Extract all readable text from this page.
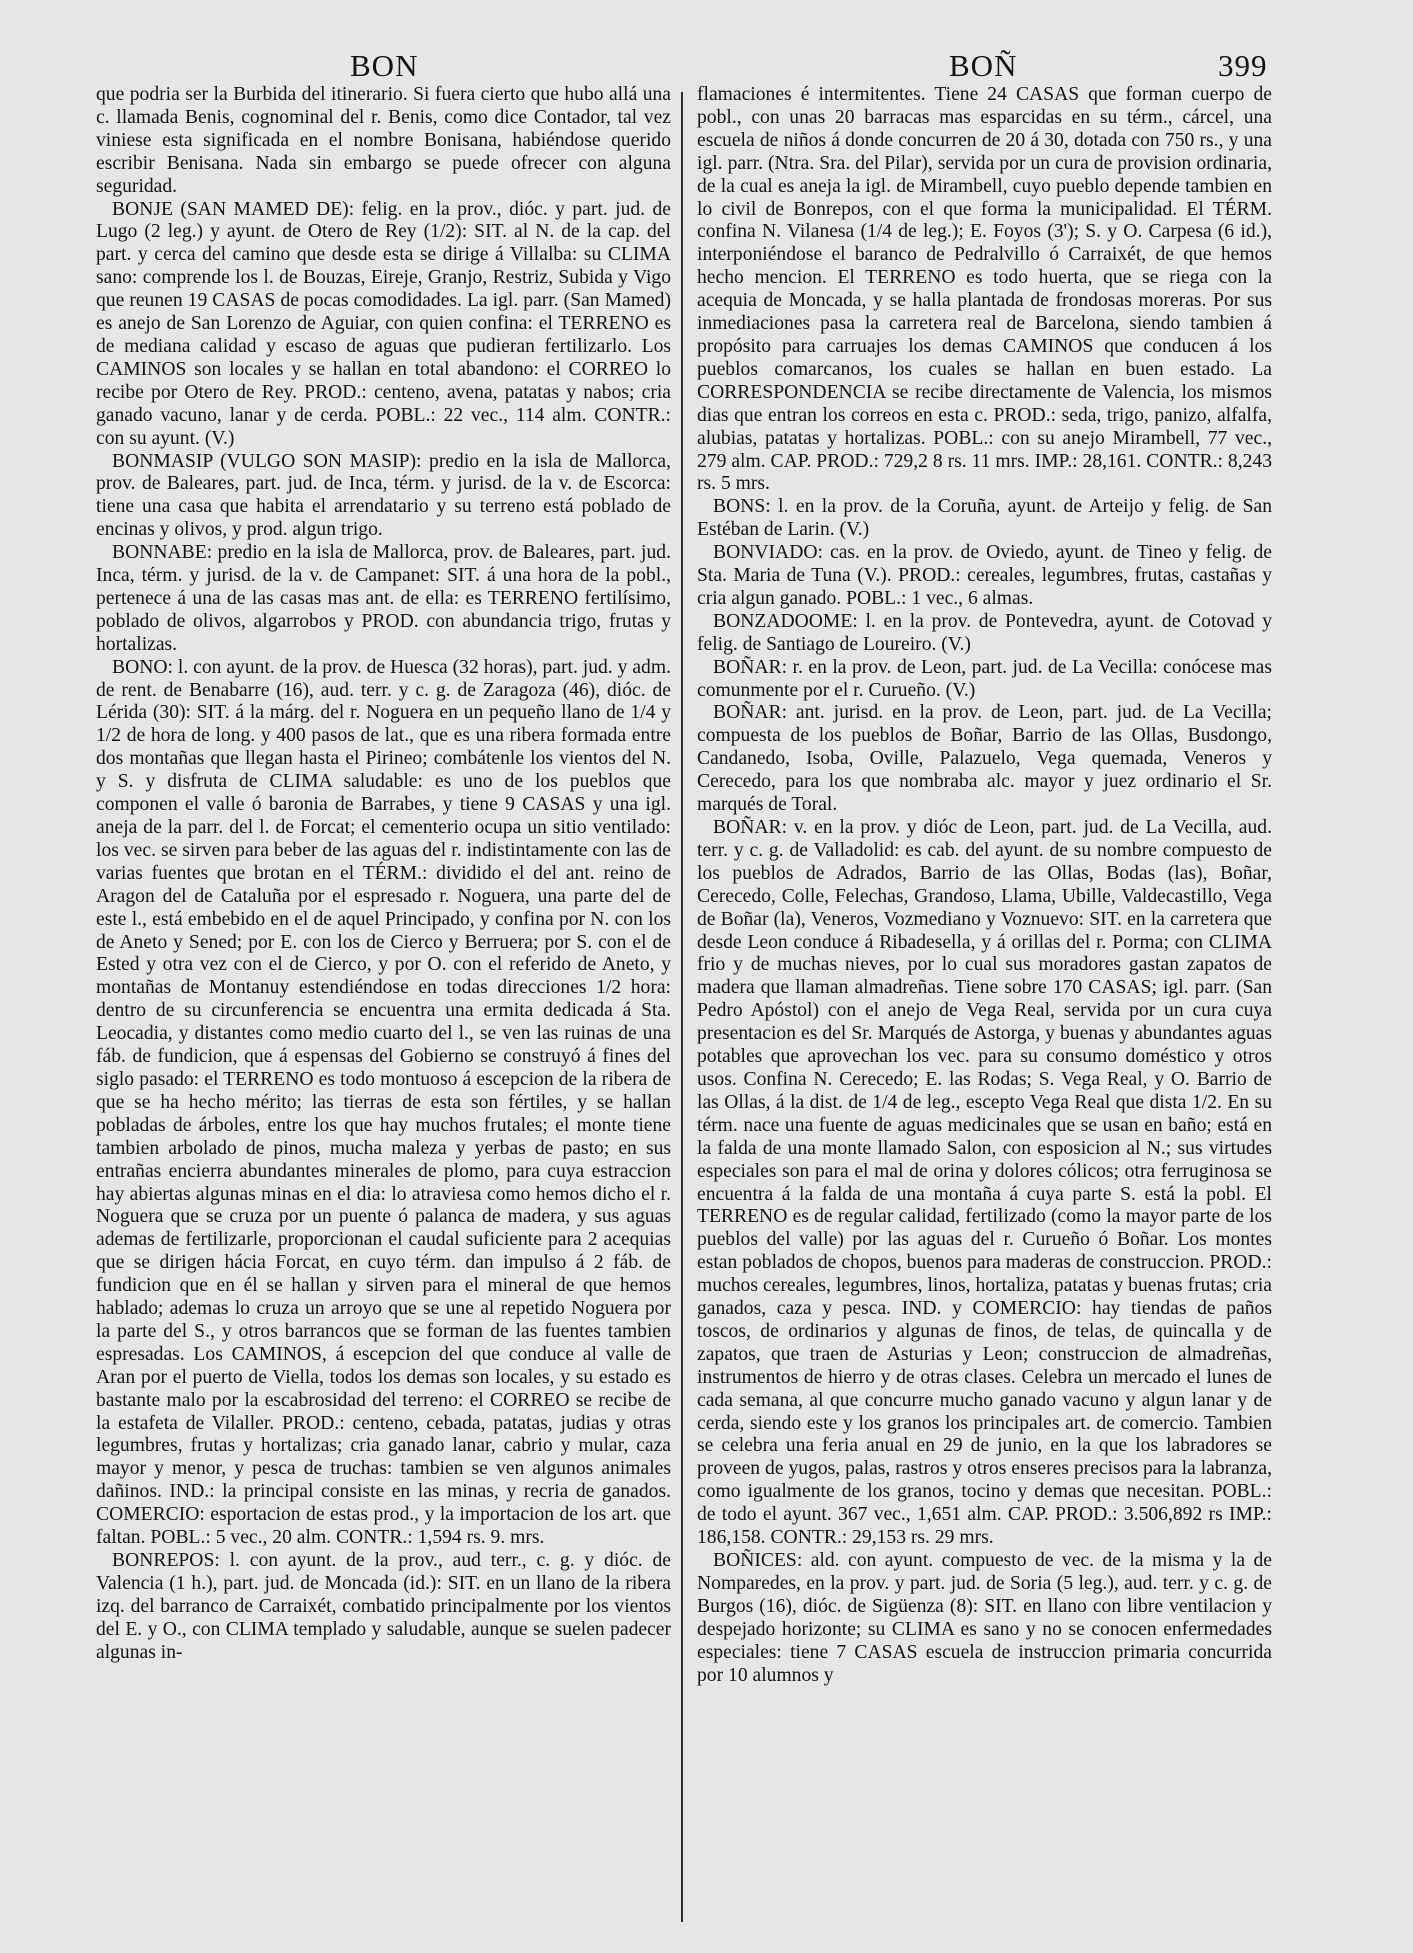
BON	BOÑ	399

que podria ser la Burbida del itinerario. Si fuera cierto que hubo allá una c. llamada Benis, cognominal del r. Benis, como dice Contador, tal vez viniese esta significada en el nombre Bonisana, habiéndose querido escribir Benisana. Nada sin embargo se puede ofrecer con alguna seguridad.

BONJE (SAN MAMED DE): felig. en la prov., dióc. y part. jud. de Lugo (2 leg.) y ayunt. de Otero de Rey (1/2): SIT. al N. de la cap. del part. y cerca del camino que desde esta se dirige á Villalba: su CLIMA sano: comprende los l. de Bouzas, Eireje, Granjo, Restriz, Subida y Vigo que reunen 19 CASAS de pocas comodidades. La igl. parr. (San Mamed) es anejo de San Lorenzo de Aguiar, con quien confina: el TERRENO es de mediana calidad y escaso de aguas que pudieran fertilizarlo. Los CAMINOS son locales y se hallan en total abandono: el CORREO lo recibe por Otero de Rey. PROD.: centeno, avena, patatas y nabos; cria ganado vacuno, lanar y de cerda. POBL.: 22 vec., 114 alm. CONTR.: con su ayunt. (V.)

BONMASIP (VULGO SON MASIP): predio en la isla de Mallorca, prov. de Baleares, part. jud. de Inca, térm. y jurisd. de la v. de Escorca: tiene una casa que habita el arrendatario y su terreno está poblado de encinas y olivos, y prod. algun trigo.

BONNABE: predio en la isla de Mallorca, prov. de Baleares, part. jud. Inca, térm. y jurisd. de la v. de Campanet: SIT. á una hora de la pobl., pertenece á una de las casas mas ant. de ella: es TERRENO fertilísimo, poblado de olivos, algarrobos y PROD. con abundancia trigo, frutas y hortalizas.

BONO: l. con ayunt. de la prov. de Huesca (32 horas), part. jud. y adm. de rent. de Benabarre (16), aud. terr. y c. g. de Zaragoza (46), dióc. de Lérida (30): SIT. á la márg. del r. Noguera en un pequeño llano de 1/4 y 1/2 de hora de long. y 400 pasos de lat., que es una ribera formada entre dos montañas que llegan hasta el Pirineo; combátenle los vientos del N. y S. y disfruta de CLIMA saludable: es uno de los pueblos que componen el valle ó baronia de Barrabes, y tiene 9 CASAS y una igl. aneja de la parr. del l. de Forcat; el cementerio ocupa un sitio ventilado: los vec. se sirven para beber de las aguas del r. indistintamente con las de varias fuentes que brotan en el TÉRM.: dividido el del ant. reino de Aragon del de Cataluña por el espresado r. Noguera, una parte del de este l., está embebido en el de aquel Principado, y confina por N. con los de Aneto y Sened; por E. con los de Cierco y Berruera; por S. con el de Ested y otra vez con el de Cierco, y por O. con el referido de Aneto, y montañas de Montanuy estendiéndose en todas direcciones 1/2 hora: dentro de su circunferencia se encuentra una ermita dedicada á Sta. Leocadia, y distantes como medio cuarto del l., se ven las ruinas de una fáb. de fundicion, que á espensas del Gobierno se construyó á fines del siglo pasado: el TERRENO es todo montuoso á escepcion de la ribera de que se ha hecho mérito; las tierras de esta son fértiles, y se hallan pobladas de árboles, entre los que hay muchos frutales; el monte tiene tambien arbolado de pinos, mucha maleza y yerbas de pasto; en sus entrañas encierra abundantes minerales de plomo, para cuya estraccion hay abiertas algunas minas en el dia: lo atraviesa como hemos dicho el r. Noguera que se cruza por un puente ó palanca de madera, y sus aguas ademas de fertilizarle, proporcionan el caudal suficiente para 2 acequias que se dirigen hácia Forcat, en cuyo térm. dan impulso á 2 fáb. de fundicion que en él se hallan y sirven para el mineral de que hemos hablado; ademas lo cruza un arroyo que se une al repetido Noguera por la parte del S., y otros barrancos que se forman de las fuentes tambien espresadas. Los CAMINOS, á escepcion del que conduce al valle de Aran por el puerto de Viella, todos los demas son locales, y su estado es bastante malo por la escabrosidad del terreno: el CORREO se recibe de la estafeta de Vilaller. PROD.: centeno, cebada, patatas, judias y otras legumbres, frutas y hortalizas; cria ganado lanar, cabrio y mular, caza mayor y menor, y pesca de truchas: tambien se ven algunos animales dañinos. IND.: la principal consiste en las minas, y recria de ganados. COMERCIO: esportacion de estas prod., y la importacion de los art. que faltan. POBL.: 5 vec., 20 alm. CONTR.: 1,594 rs. 9. mrs.

BONREPOS: l. con ayunt. de la prov., aud terr., c. g. y dióc. de Valencia (1 h.), part. jud. de Moncada (id.): SIT. en un llano de la ribera izq. del barranco de Carraixét, combatido principalmente por los vientos del E. y O., con CLIMA templado y saludable, aunque se suelen padecer algunas in-

flamaciones é intermitentes. Tiene 24 CASAS que forman cuerpo de pobl., con unas 20 barracas mas esparcidas en su térm., cárcel, una escuela de niños á donde concurren de 20 á 30, dotada con 750 rs., y una igl. parr. (Ntra. Sra. del Pilar), servida por un cura de provision ordinaria, de la cual es aneja la igl. de Mirambell, cuyo pueblo depende tambien en lo civil de Bonrepos, con el que forma la municipalidad. El TÉRM. confina N. Vilanesa (1/4 de leg.); E. Foyos (3'); S. y O. Carpesa (6 id.), interponiéndose el baranco de Pedralvillo ó Carraixét, de que hemos hecho mencion. El TERRENO es todo huerta, que se riega con la acequia de Moncada, y se halla plantada de frondosas moreras. Por sus inmediaciones pasa la carretera real de Barcelona, siendo tambien á propósito para carruajes los demas CAMINOS que conducen á los pueblos comarcanos, los cuales se hallan en buen estado. La CORRESPONDENCIA se recibe directamente de Valencia, los mismos dias que entran los correos en esta c. PROD.: seda, trigo, panizo, alfalfa, alubias, patatas y hortalizas. POBL.: con su anejo Mirambell, 77 vec., 279 alm. CAP. PROD.: 729,2 8 rs. 11 mrs. IMP.: 28,161. CONTR.: 8,243 rs. 5 mrs.

BONS: l. en la prov. de la Coruña, ayunt. de Arteijo y felig. de San Estéban de Larin. (V.)

BONVIADO: cas. en la prov. de Oviedo, ayunt. de Tineo y felig. de Sta. Maria de Tuna (V.). PROD.: cereales, legumbres, frutas, castañas y cria algun ganado. POBL.: 1 vec., 6 almas.

BONZADOOME: l. en la prov. de Pontevedra, ayunt. de Cotovad y felig. de Santiago de Loureiro. (V.)

BOÑAR: r. en la prov. de Leon, part. jud. de La Vecilla: conócese mas comunmente por el r. Curueño. (V.)

BOÑAR: ant. jurisd. en la prov. de Leon, part. jud. de La Vecilla; compuesta de los pueblos de Boñar, Barrio de las Ollas, Busdongo, Candanedo, Isoba, Oville, Palazuelo, Vega quemada, Veneros y Cerecedo, para los que nombraba alc. mayor y juez ordinario el Sr. marqués de Toral.

BOÑAR: v. en la prov. y dióc de Leon, part. jud. de La Vecilla, aud. terr. y c. g. de Valladolid: es cab. del ayunt. de su nombre compuesto de los pueblos de Adrados, Barrio de las Ollas, Bodas (las), Boñar, Cerecedo, Colle, Felechas, Grandoso, Llama, Ubille, Valdecastillo, Vega de Boñar (la), Veneros, Vozmediano y Voznuevo: SIT. en la carretera que desde Leon conduce á Ribadesella, y á orillas del r. Porma; con CLIMA frio y de muchas nieves, por lo cual sus moradores gastan zapatos de madera que llaman almadreñas. Tiene sobre 170 CASAS; igl. parr. (San Pedro Apóstol) con el anejo de Vega Real, servida por un cura cuya presentacion es del Sr. Marqués de Astorga, y buenas y abundantes aguas potables que aprovechan los vec. para su consumo doméstico y otros usos. Confina N. Cerecedo; E. las Rodas; S. Vega Real, y O. Barrio de las Ollas, á la dist. de 1/4 de leg., escepto Vega Real que dista 1/2. En su térm. nace una fuente de aguas medicinales que se usan en baño; está en la falda de una monte llamado Salon, con esposicion al N.; sus virtudes especiales son para el mal de orina y dolores cólicos; otra ferruginosa se encuentra á la falda de una montaña á cuya parte S. está la pobl. El TERRENO es de regular calidad, fertilizado (como la mayor parte de los pueblos del valle) por las aguas del r. Curueño ó Boñar. Los montes estan poblados de chopos, buenos para maderas de construccion. PROD.: muchos cereales, legumbres, linos, hortaliza, patatas y buenas frutas; cria ganados, caza y pesca. IND. y COMERCIO: hay tiendas de paños toscos, de ordinarios y algunas de finos, de telas, de quincalla y de zapatos, que traen de Asturias y Leon; construccion de almadreñas, instrumentos de hierro y de otras clases. Celebra un mercado el lunes de cada semana, al que concurre mucho ganado vacuno y algun lanar y de cerda, siendo este y los granos los principales art. de comercio. Tambien se celebra una feria anual en 29 de junio, en la que los labradores se proveen de yugos, palas, rastros y otros enseres precisos para la labranza, como igualmente de los granos, tocino y demas que necesitan. POBL.: de todo el ayunt. 367 vec., 1,651 alm. CAP. PROD.: 3.506,892 rs IMP.: 186,158. CONTR.: 29,153 rs. 29 mrs.

BOÑICES: ald. con ayunt. compuesto de vec. de la misma y la de Nomparedes, en la prov. y part. jud. de Soria (5 leg.), aud. terr. y c. g. de Burgos (16), dióc. de Sigüenza (8): SIT. en llano con libre ventilacion y despejado horizonte; su CLIMA es sano y no se conocen enfermedades especiales: tiene 7 CASAS escuela de instruccion primaria concurrida por 10 alumnos y
